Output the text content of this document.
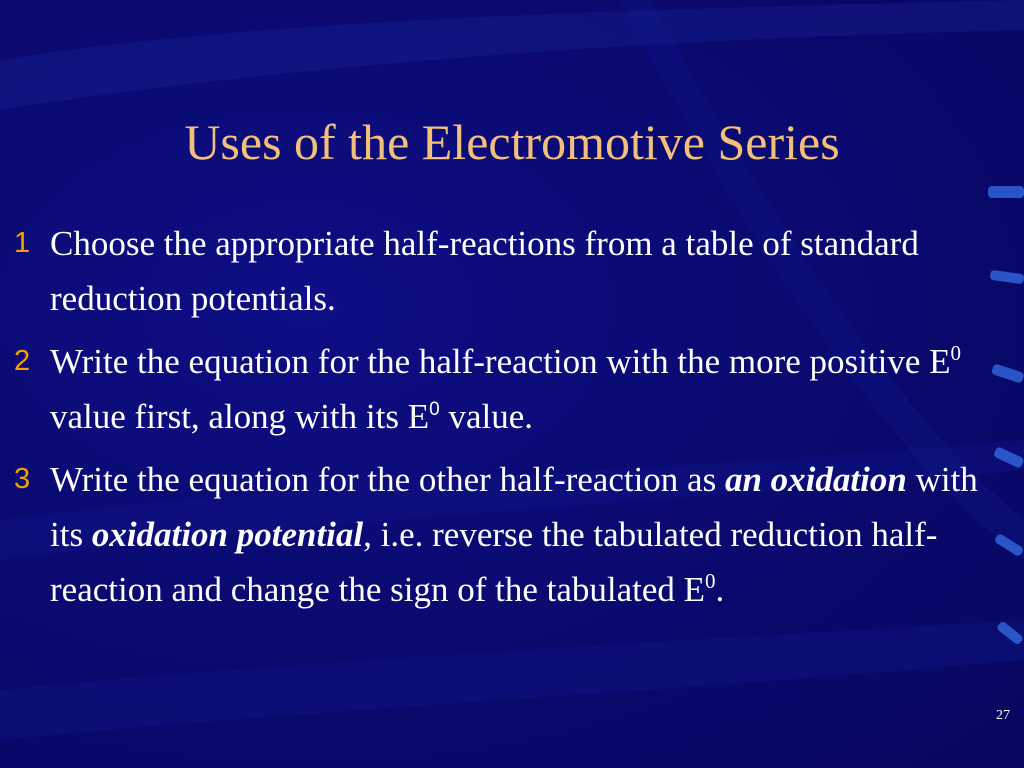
Uses of the Electromotive Series
1 Choose the appropriate half-reactions from a table of standard reduction potentials.
2 Write the equation for the half-reaction with the more positive $E^0$ value first, along with its $E^0$ value.
3 Write the equation for the other half-reaction as an oxidation with its oxidation potential, i.e. reverse the tabulated reduction half-reaction and change the sign of the tabulated $E^0$.
27
